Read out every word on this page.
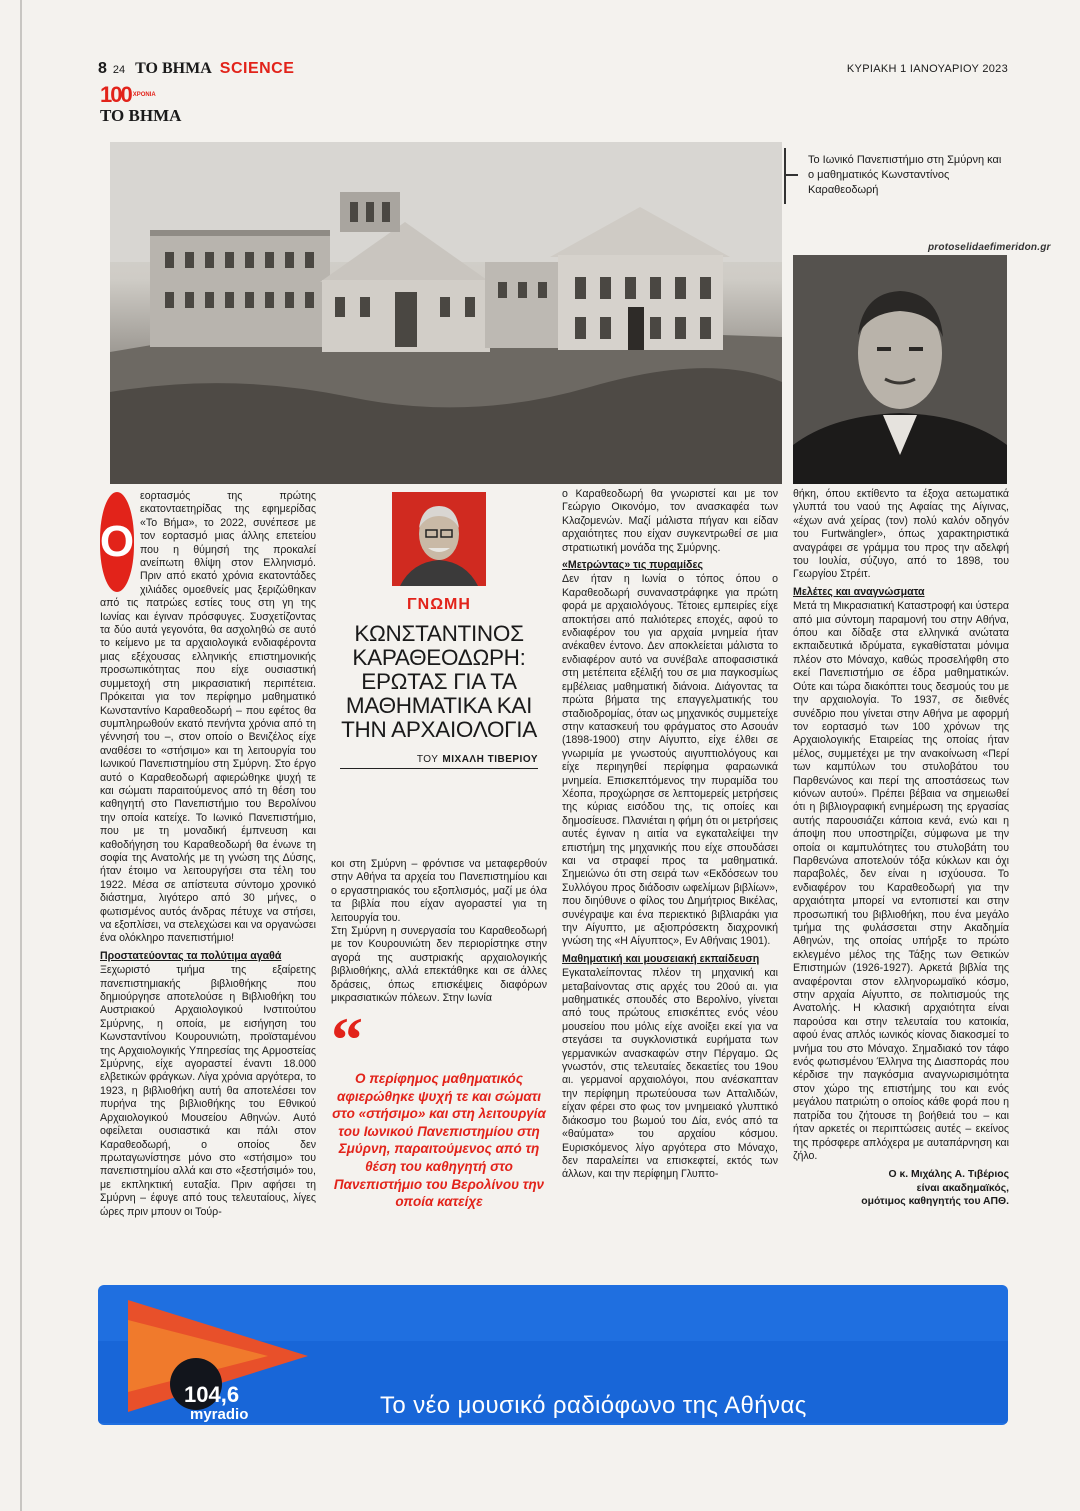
8 24 ΤΟ ΒΗΜΑ SCIENCE	ΚΥΡΙΑΚΗ 1 ΙΑΝΟΥΑΡΙΟΥ 2023
100 $^{XPONIA}$
ΤΟ ΒΗΜΑ
Το Ιωνικό Πανεπιστήμιο στη Σμύρνη και ο μαθηματικός Κωνσταντίνος Καραθεοδωρή
protoselidaefimeridon.gr
Ο

εορτασμός της πρώτης εκατονταετηρίδας της εφημερίδας «Το Βήμα», το 2022, συνέπεσε με τον εορτασμό μιας άλλης επετείου που η θύμησή της προκαλεί ανείπωτη θλίψη στον Ελληνισμό. Πριν από εκατό χρόνια εκατοντάδες χιλιάδες ομοεθνείς μας ξεριζώθηκαν από τις πατρώες εστίες τους στη γη της Ιωνίας και έγιναν πρόσφυγες. Συσχετίζοντας τα δύο αυτά γεγονότα, θα ασχοληθώ σε αυτό το κείμενο με τα αρχαιολογικά ενδιαφέροντα μιας εξέχουσας ελληνικής επιστημονικής προσωπικότητας που είχε ουσιαστική συμμετοχή στη μικρασιατική περιπέτεια. Πρόκειται για τον περίφημο μαθηματικό Κωνσταντίνο Καραθεοδωρή – που εφέτος θα συμπληρωθούν εκατό πενήντα χρόνια από τη γέννησή του –, στον οποίο ο Βενιζέλος είχε αναθέσει το «στήσιμο» και τη λειτουργία του Ιωνικού Πανεπιστημίου στη Σμύρνη. Στο έργο αυτό ο Καραθεοδωρή αφιερώθηκε ψυχή τε και σώματι παραιτούμενος από τη θέση του καθηγητή στο Πανεπιστήμιο του Βερολίνου την οποία κατείχε. Το Ιωνικό Πανεπιστήμιο, που με τη μοναδική έμπνευση και καθοδήγηση του Καραθεοδωρή θα ένωνε τη σοφία της Ανατολής με τη γνώση της Δύσης, ήταν έτοιμο να λειτουργήσει στα τέλη του 1922. Μέσα σε απίστευτα σύντομο χρονικό διάστημα, λιγότερο από 30 μήνες, ο φωτισμένος αυτός άνδρας πέτυχε να στήσει, να εξοπλίσει, να στελεχώσει και να οργανώσει ένα ολόκληρο πανεπιστήμιο!

Προστατεύοντας τα πολύτιμα αγαθά

Ξεχωριστό τμήμα της εξαίρετης πανεπιστημιακής βιβλιοθήκης που δημιούργησε αποτελούσε η Βιβλιοθήκη του Αυστριακού Αρχαιολογικού Ινστιτούτου Σμύρνης, η οποία, με εισήγηση του Κωνσταντίνου Κουρουνιώτη, προϊσταμένου της Αρχαιολογικής Υπηρεσίας της Αρμοστείας Σμύρνης, είχε αγοραστεί έναντι 18.000 ελβετικών φράγκων. Λίγα χρόνια αργότερα, το 1923, η βιβλιοθήκη αυτή θα αποτελέσει τον πυρήνα της βιβλιοθήκης του Εθνικού Αρχαιολογικού Μουσείου Αθηνών. Αυτό οφείλεται ουσιαστικά και πάλι στον Καραθεοδωρή, ο οποίος δεν πρωταγωνίστησε μόνο στο «στήσιμο» του πανεπιστημίου αλλά και στο «ξεστήσιμό» του, με εκπληκτική ευταξία. Πριν αφήσει τη Σμύρνη – έφυγε από τους τελευταίους, λίγες ώρες πριν μπουν οι Τούρ-

ΓΝΩΜΗ
ΚΩΝΣΤΑΝΤΙΝΟΣ ΚΑΡΑΘΕΟΔΩΡΗ: ΕΡΩΤΑΣ ΓΙΑ ΤΑ ΜΑΘΗΜΑΤΙΚΑ ΚΑΙ ΤΗΝ ΑΡΧΑΙΟΛΟΓΙΑ
ΤΟΥ ΜΙΧΑΛΗ ΤΙΒΕΡΙΟΥ

κοι στη Σμύρνη – φρόντισε να μεταφερθούν στην Αθήνα τα αρχεία του Πανεπιστημίου και ο εργαστηριακός του εξοπλισμός, μαζί με όλα τα βιβλία που είχαν αγοραστεί για τη λειτουργία του.

Στη Σμύρνη η συνεργασία του Καραθεοδωρή με τον Κουρουνιώτη δεν περιορίστηκε στην αγορά της αυστριακής αρχαιολογικής βιβλιοθήκης, αλλά επεκτάθηκε και σε άλλες δράσεις, όπως επισκέψεις διαφόρων μικρασιατικών πόλεων. Στην Ιωνία

“
Ο περίφημος μαθηματικός αφιερώθηκε ψυχή τε και σώματι στο «στήσιμο» και στη λειτουργία του Ιωνικού Πανεπιστημίου στη Σμύρνη, παραιτούμενος από τη θέση του καθηγητή στο Πανεπιστήμιο του Βερολίνου την οποία κατείχε

ο Καραθεοδωρή θα γνωριστεί και με τον Γεώργιο Οικονόμο, τον ανασκαφέα των Κλαζομενών. Μαζί μάλιστα πήγαν και είδαν αρχαιότητες που είχαν συγκεντρωθεί σε μια στρατιωτική μονάδα της Σμύρνης.

«Μετρώντας» τις πυραμίδες

Δεν ήταν η Ιωνία ο τόπος όπου ο Καραθεοδωρή συναναστράφηκε για πρώτη φορά με αρχαιολόγους. Τέτοιες εμπειρίες είχε αποκτήσει από παλιότερες εποχές, αφού το ενδιαφέρον του για αρχαία μνημεία ήταν ανέκαθεν έντονο. Δεν αποκλείεται μάλιστα το ενδιαφέρον αυτό να συνέβαλε αποφασιστικά στη μετέπειτα εξέλιξή του σε μια παγκοσμίως εμβέλειας μαθηματική διάνοια. Διάγοντας τα πρώτα βήματα της επαγγελματικής του σταδιοδρομίας, όταν ως μηχανικός συμμετείχε στην κατασκευή του φράγματος στο Ασουάν (1898-1900) στην Αίγυπτο, είχε έλθει σε γνωριμία με γνωστούς αιγυπτιολόγους και είχε περιηγηθεί περίφημα φαραωνικά μνημεία. Επισκεπτόμενος την πυραμίδα του Χέοπα, προχώρησε σε λεπτομερείς μετρήσεις της κύριας εισόδου της, τις οποίες και δημοσίευσε. Πλανιέται η φήμη ότι οι μετρήσεις αυτές έγιναν η αιτία να εγκαταλείψει την επιστήμη της μηχανικής που είχε σπουδάσει και να στραφεί προς τα μαθηματικά. Σημειώνω ότι στη σειρά των «Εκδόσεων του Συλλόγου προς διάδοσιν ωφελίμων βιβλίων», που διηύθυνε ο φίλος του Δημήτριος Βικέλας, συνέγραψε και ένα περιεκτικό βιβλιαράκι για την Αίγυπτο, με αξιοπρόσεκτη διαχρονική γνώση της «Η Αίγυπτος», Εν Αθήναις 1901).

Μαθηματική και μουσειακή εκπαίδευση

Εγκαταλείποντας πλέον τη μηχανική και μεταβαίνοντας στις αρχές του 20ού αι. για μαθηματικές σπουδές στο Βερολίνο, γίνεται από τους πρώτους επισκέπτες ενός νέου μουσείου που μόλις είχε ανοίξει εκεί για να στεγάσει τα συγκλονιστικά ευρήματα των γερμανικών ανασκαφών στην Πέργαμο. Ως γνωστόν, στις τελευταίες δεκαετίες του 19ου αι. γερμανοί αρχαιολόγοι, που ανέσκαπταν την περίφημη πρωτεύουσα των Ατταλιδών, είχαν φέρει στο φως τον μνημειακό γλυπτικό διάκοσμο του βωμού του Δία, ενός από τα «θαύματα» του αρχαίου κόσμου. Ευρισκόμενος λίγο αργότερα στο Μόναχο, δεν παραλείπει να επισκεφτεί, εκτός των άλλων, και την περίφημη Γλυπτο-

θήκη, όπου εκτίθεντο τα έξοχα αετωματικά γλυπτά του ναού της Αφαίας της Αίγινας, «έχων ανά χείρας (τον) πολύ καλόν οδηγόν του Furtwängler», όπως χαρακτηριστικά αναγράφει σε γράμμα του προς την αδελφή του Ιουλία, σύζυγο, από το 1898, του Γεωργίου Στρέιτ.

Μελέτες και αναγνώσματα

Μετά τη Μικρασιατική Καταστροφή και ύστερα από μια σύντομη παραμονή του στην Αθήνα, όπου και δίδαξε στα ελληνικά ανώτατα εκπαιδευτικά ιδρύματα, εγκαθίσταται μόνιμα πλέον στο Μόναχο, καθώς προσελήφθη στο εκεί Πανεπιστήμιο σε έδρα μαθηματικών. Ούτε και τώρα διακόπτει τους δεσμούς του με την αρχαιολογία. Το 1937, σε διεθνές συνέδριο που γίνεται στην Αθήνα με αφορμή τον εορτασμό των 100 χρόνων της Αρχαιολογικής Εταιρείας της οποίας ήταν μέλος, συμμετέχει με την ανακοίνωση «Περί των καμπύλων του στυλοβάτου του Παρθενώνος και περί της αποστάσεως των κιόνων αυτού». Πρέπει βέβαια να σημειωθεί ότι η βιβλιογραφική ενημέρωση της εργασίας αυτής παρουσιάζει κάποια κενά, ενώ και η άποψη που υποστηρίζει, σύμφωνα με την οποία οι καμπυλότητες του στυλοβάτη του Παρθενώνα αποτελούν τόξα κύκλων και όχι παραβολές, δεν είναι η ισχύουσα. Το ενδιαφέρον του Καραθεοδωρή για την αρχαιότητα μπορεί να εντοπιστεί και στην προσωπική του βιβλιοθήκη, που ένα μεγάλο τμήμα της φυλάσσεται στην Ακαδημία Αθηνών, της οποίας υπήρξε το πρώτο εκλεγμένο μέλος της Τάξης των Θετικών Επιστημών (1926-1927). Αρκετά βιβλία της αναφέρονται στον ελληνορωμαϊκό κόσμο, στην αρχαία Αίγυπτο, σε πολιτισμούς της Ανατολής. Η κλασική αρχαιότητα είναι παρούσα και στην τελευταία του κατοικία, αφού ένας απλός ιωνικός κίονας διακοσμεί το μνήμα του στο Μόναχο. Σημαδιακό τον τάφο ενός φωτισμένου Έλληνα της Διασποράς που κέρδισε την παγκόσμια αναγνωρισιμότητα στον χώρο της επιστήμης του και ενός μεγάλου πατριώτη ο οποίος κάθε φορά που η πατρίδα του ζήτουσε τη βοήθειά του – και ήταν αρκετές οι περιπτώσεις αυτές – εκείνος της πρόσφερε απλόχερα με αυταπάρνηση και ζήλο.

Ο κ. Μιχάλης Α. Τιβέριος
είναι ακαδημαϊκός,
ομότιμος καθηγητής του ΑΠΘ.
104,6
myradio	Το νέο μουσικό ραδιόφωνο της Αθήνας
